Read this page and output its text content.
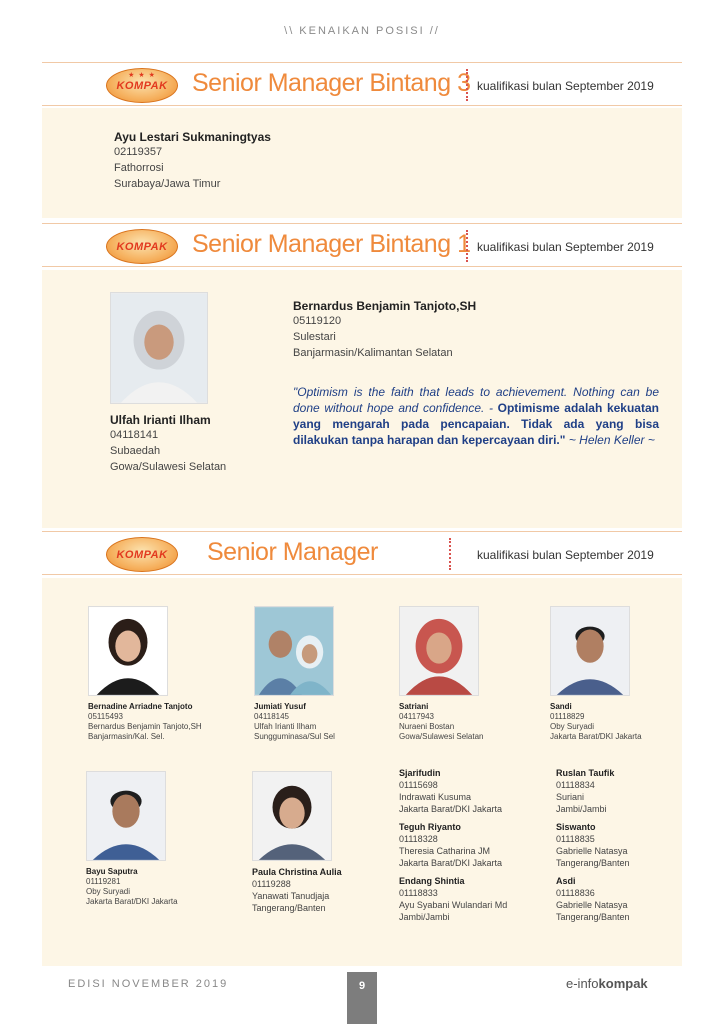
\\ KENAIKAN POSISI //
★ ★ ★
KOMPAK Senior Manager Bintang 3 kualifikasi bulan September 2019
Ayu Lestari Sukmaningtyas
02119357
Fathorrosi
Surabaya/Jawa Timur
KOMPAK Senior Manager Bintang 1 kualifikasi bulan September 2019
Ulfah Irianti Ilham
04118141
Subaedah
Gowa/Sulawesi Selatan
Bernardus Benjamin Tanjoto,SH
05119120
Sulestari
Banjarmasin/Kalimantan Selatan
"Optimism is the faith that leads to achievement. Nothing can be done without hope and confidence. - Optimisme adalah kekuatan yang mengarah pada pencapaian. Tidak ada yang bisa dilakukan tanpa harapan dan kepercayaan diri." ~ Helen Keller ~
KOMPAK Senior Manager	kualifikasi bulan September 2019
Bernadine Arriadne Tanjoto
05115493
Bernardus Benjamin Tanjoto,SH
Banjarmasin/Kal. Sel.
Jumiati Yusuf
04118145
Ulfah Irianti Ilham
Sungguminasa/Sul Sel
Satriani
04117943
Nuraeni Bostan
Gowa/Sulawesi Selatan
Sandi
01118829
Oby Suryadi
Jakarta Barat/DKI Jakarta
Bayu Saputra
01119281
Oby Suryadi
Jakarta Barat/DKI Jakarta
Paula Christina Aulia
01119288
Yanawati Tanudjaja
Tangerang/Banten
Sjarifudin
01115698
Indrawati Kusuma
Jakarta Barat/DKI Jakarta
Teguh Riyanto
01118328
Theresia Catharina JM
Jakarta Barat/DKI Jakarta
Endang Shintia
01118833
Ayu Syabani Wulandari Md
Jambi/Jambi
Ruslan Taufik
01118834
Suriani
Jambi/Jambi
Siswanto
01118835
Gabrielle Natasya
Tangerang/Banten
Asdi
01118836
Gabrielle Natasya
Tangerang/Banten
EDISI NOVEMBER 2019	9	e-infokompak
